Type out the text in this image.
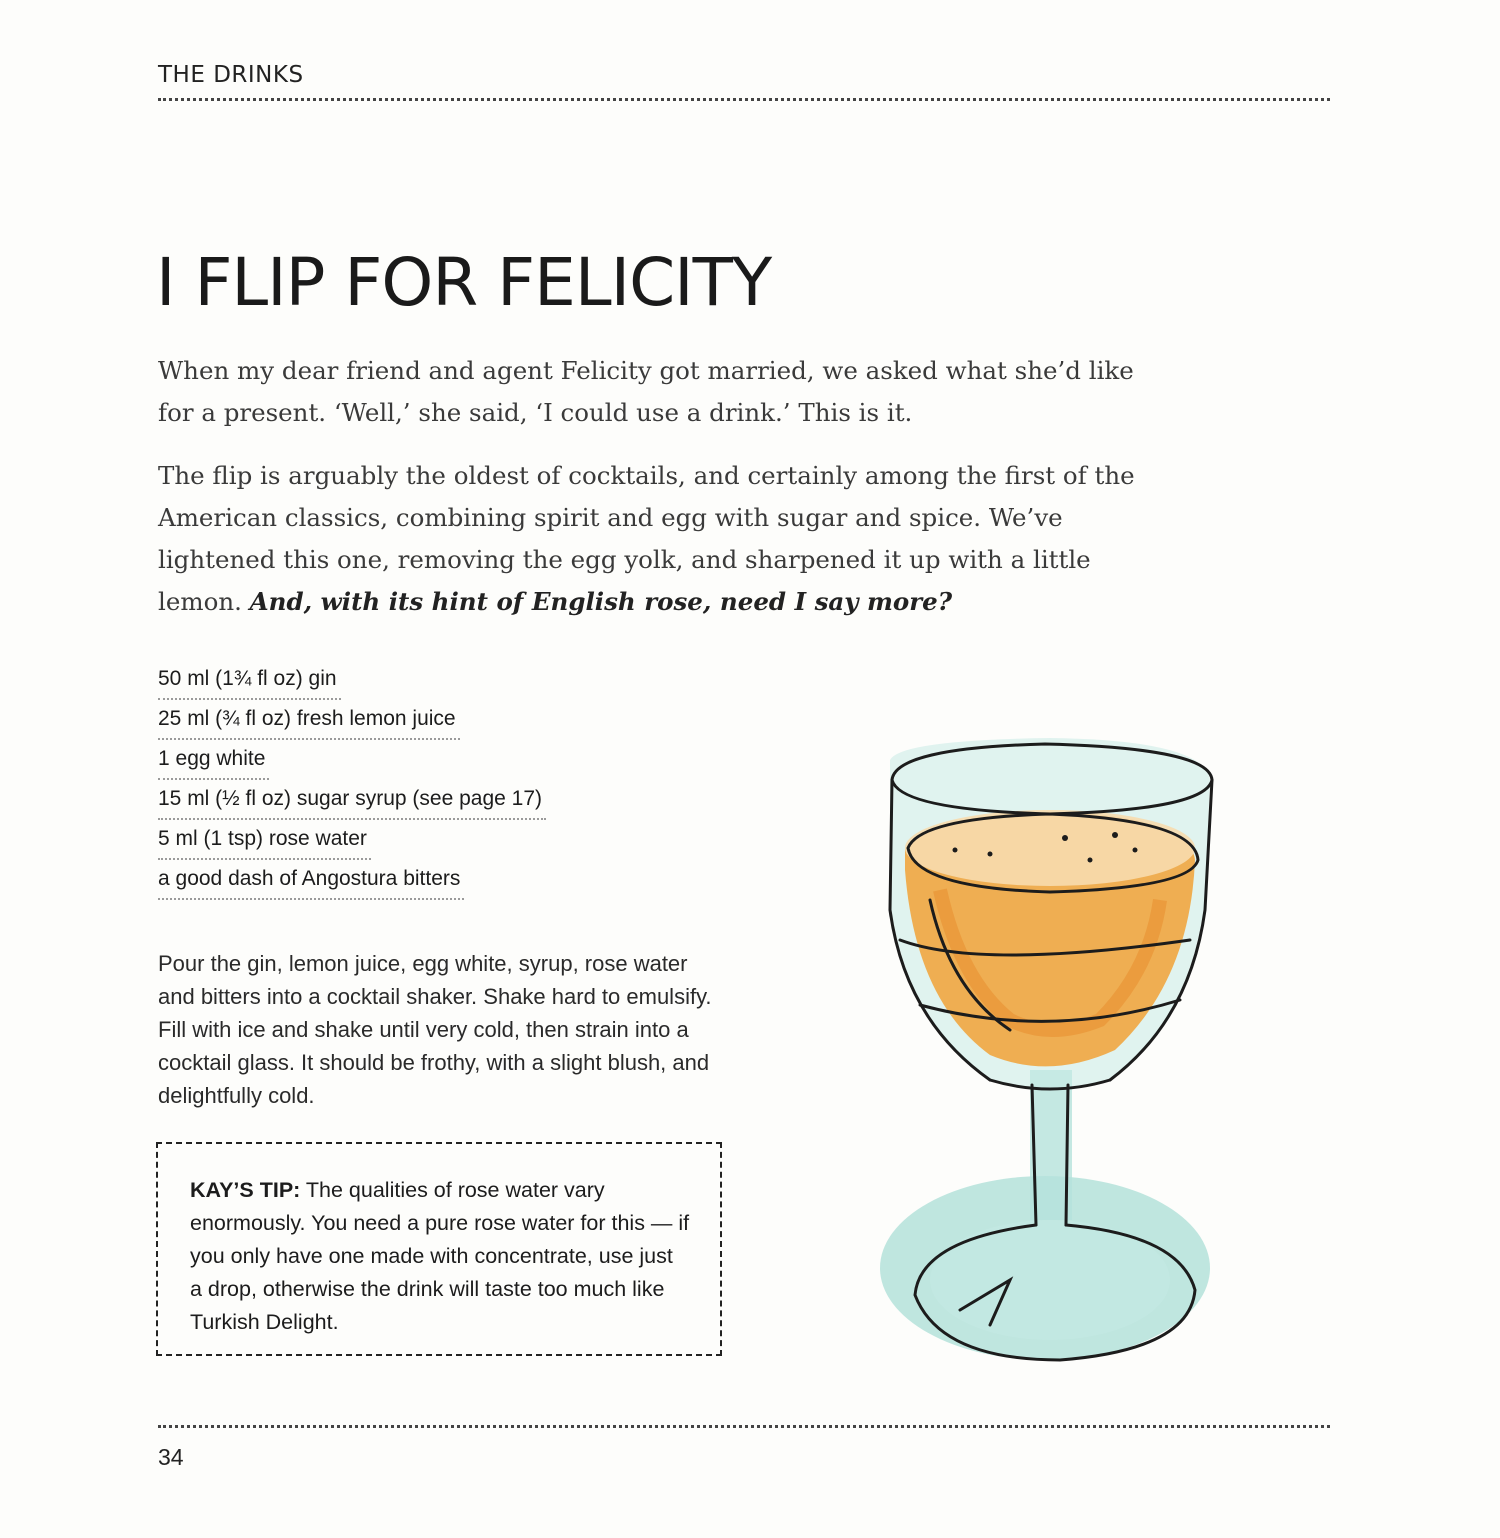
THE DRINKS
I FLIP FOR FELICITY

When my dear friend and agent Felicity got married, we asked what she’d like for a present. ‘Well,’ she said, ‘I could use a drink.’ This is it.

The flip is arguably the oldest of cocktails, and certainly among the first of the American classics, combining spirit and egg with sugar and spice. We’ve lightened this one, removing the egg yolk, and sharpened it up with a little lemon. And, with its hint of English rose, need I say more?

50 ml (1¾ fl oz) gin
25 ml (¾ fl oz) fresh lemon juice
1 egg white
15 ml (½ fl oz) sugar syrup (see page 17)
5 ml (1 tsp) rose water
a good dash of Angostura bitters

Pour the gin, lemon juice, egg white, syrup, rose water and bitters into a cocktail shaker. Shake hard to emulsify. Fill with ice and shake until very cold, then strain into a cocktail glass. It should be frothy, with a slight blush, and delightfully cold.

KAY’S TIP: The qualities of rose water vary enormously. You need a pure rose water for this — if you only have one made with concentrate, use just a drop, otherwise the drink will taste too much like Turkish Delight.
34
